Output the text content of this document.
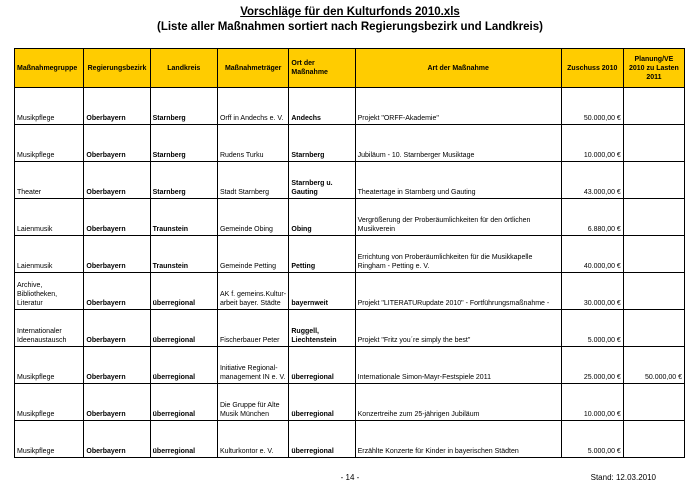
Vorschläge für den Kulturfonds 2010.xls
(Liste aller Maßnahmen sortiert nach Regierungsbezirk und Landkreis)
Maßnahmegruppe	Regierungsbezirk	Landkreis	Maßnahmeträger	Ort der Maßnahme	Art der Maßnahme	Zuschuss 2010	Planung/VE 2010 zu Lasten 2011
Musikpflege	Oberbayern	Starnberg	Orff in Andechs e. V.	Andechs	Projekt "ORFF-Akademie"	50.000,00 €	
Musikpflege	Oberbayern	Starnberg	Rudens Turku	Starnberg	Jubiläum - 10. Starnberger Musiktage	10.000,00 €	
Theater	Oberbayern	Starnberg	Stadt Starnberg	Starnberg u. Gauting	Theatertage in Starnberg und Gauting	43.000,00 €	
Laienmusik	Oberbayern	Traunstein	Gemeinde Obing	Obing	Vergrößerung der Proberäumlichkeiten für den örtlichen Musikverein	6.880,00 €	
Laienmusik	Oberbayern	Traunstein	Gemeinde Petting	Petting	Errichtung von Proberäumlichkeiten für die Musikkapelle Ringham - Petting e. V.	40.000,00 €	
Archive, Bibliotheken, Literatur	Oberbayern	überregional	AK f. gemeins.Kultur-arbeit bayer. Städte	bayernweit	Projekt "LITERATURupdate 2010" - Fortführungsmaßnahme -	30.000,00 €	
Internationaler Ideenaustausch	Oberbayern	überregional	Fischerbauer Peter	Ruggell, Liechtenstein	Projekt "Fritz you´re simply the best"	5.000,00 €	
Musikpflege	Oberbayern	überregional	Initiative Regional-management IN e. V.	überregional	Internationale Simon-Mayr-Festspiele 2011	25.000,00 €	50.000,00 €
Musikpflege	Oberbayern	überregional	Die Gruppe für Alte Musik München	überregional	Konzertreihe zum 25-jährigen Jubiläum	10.000,00 €	
Musikpflege	Oberbayern	überregional	Kulturkontor e. V.	überregional	Erzählte Konzerte für Kinder in bayerischen Städten	5.000,00 €	
- 14 -	Stand: 12.03.2010
